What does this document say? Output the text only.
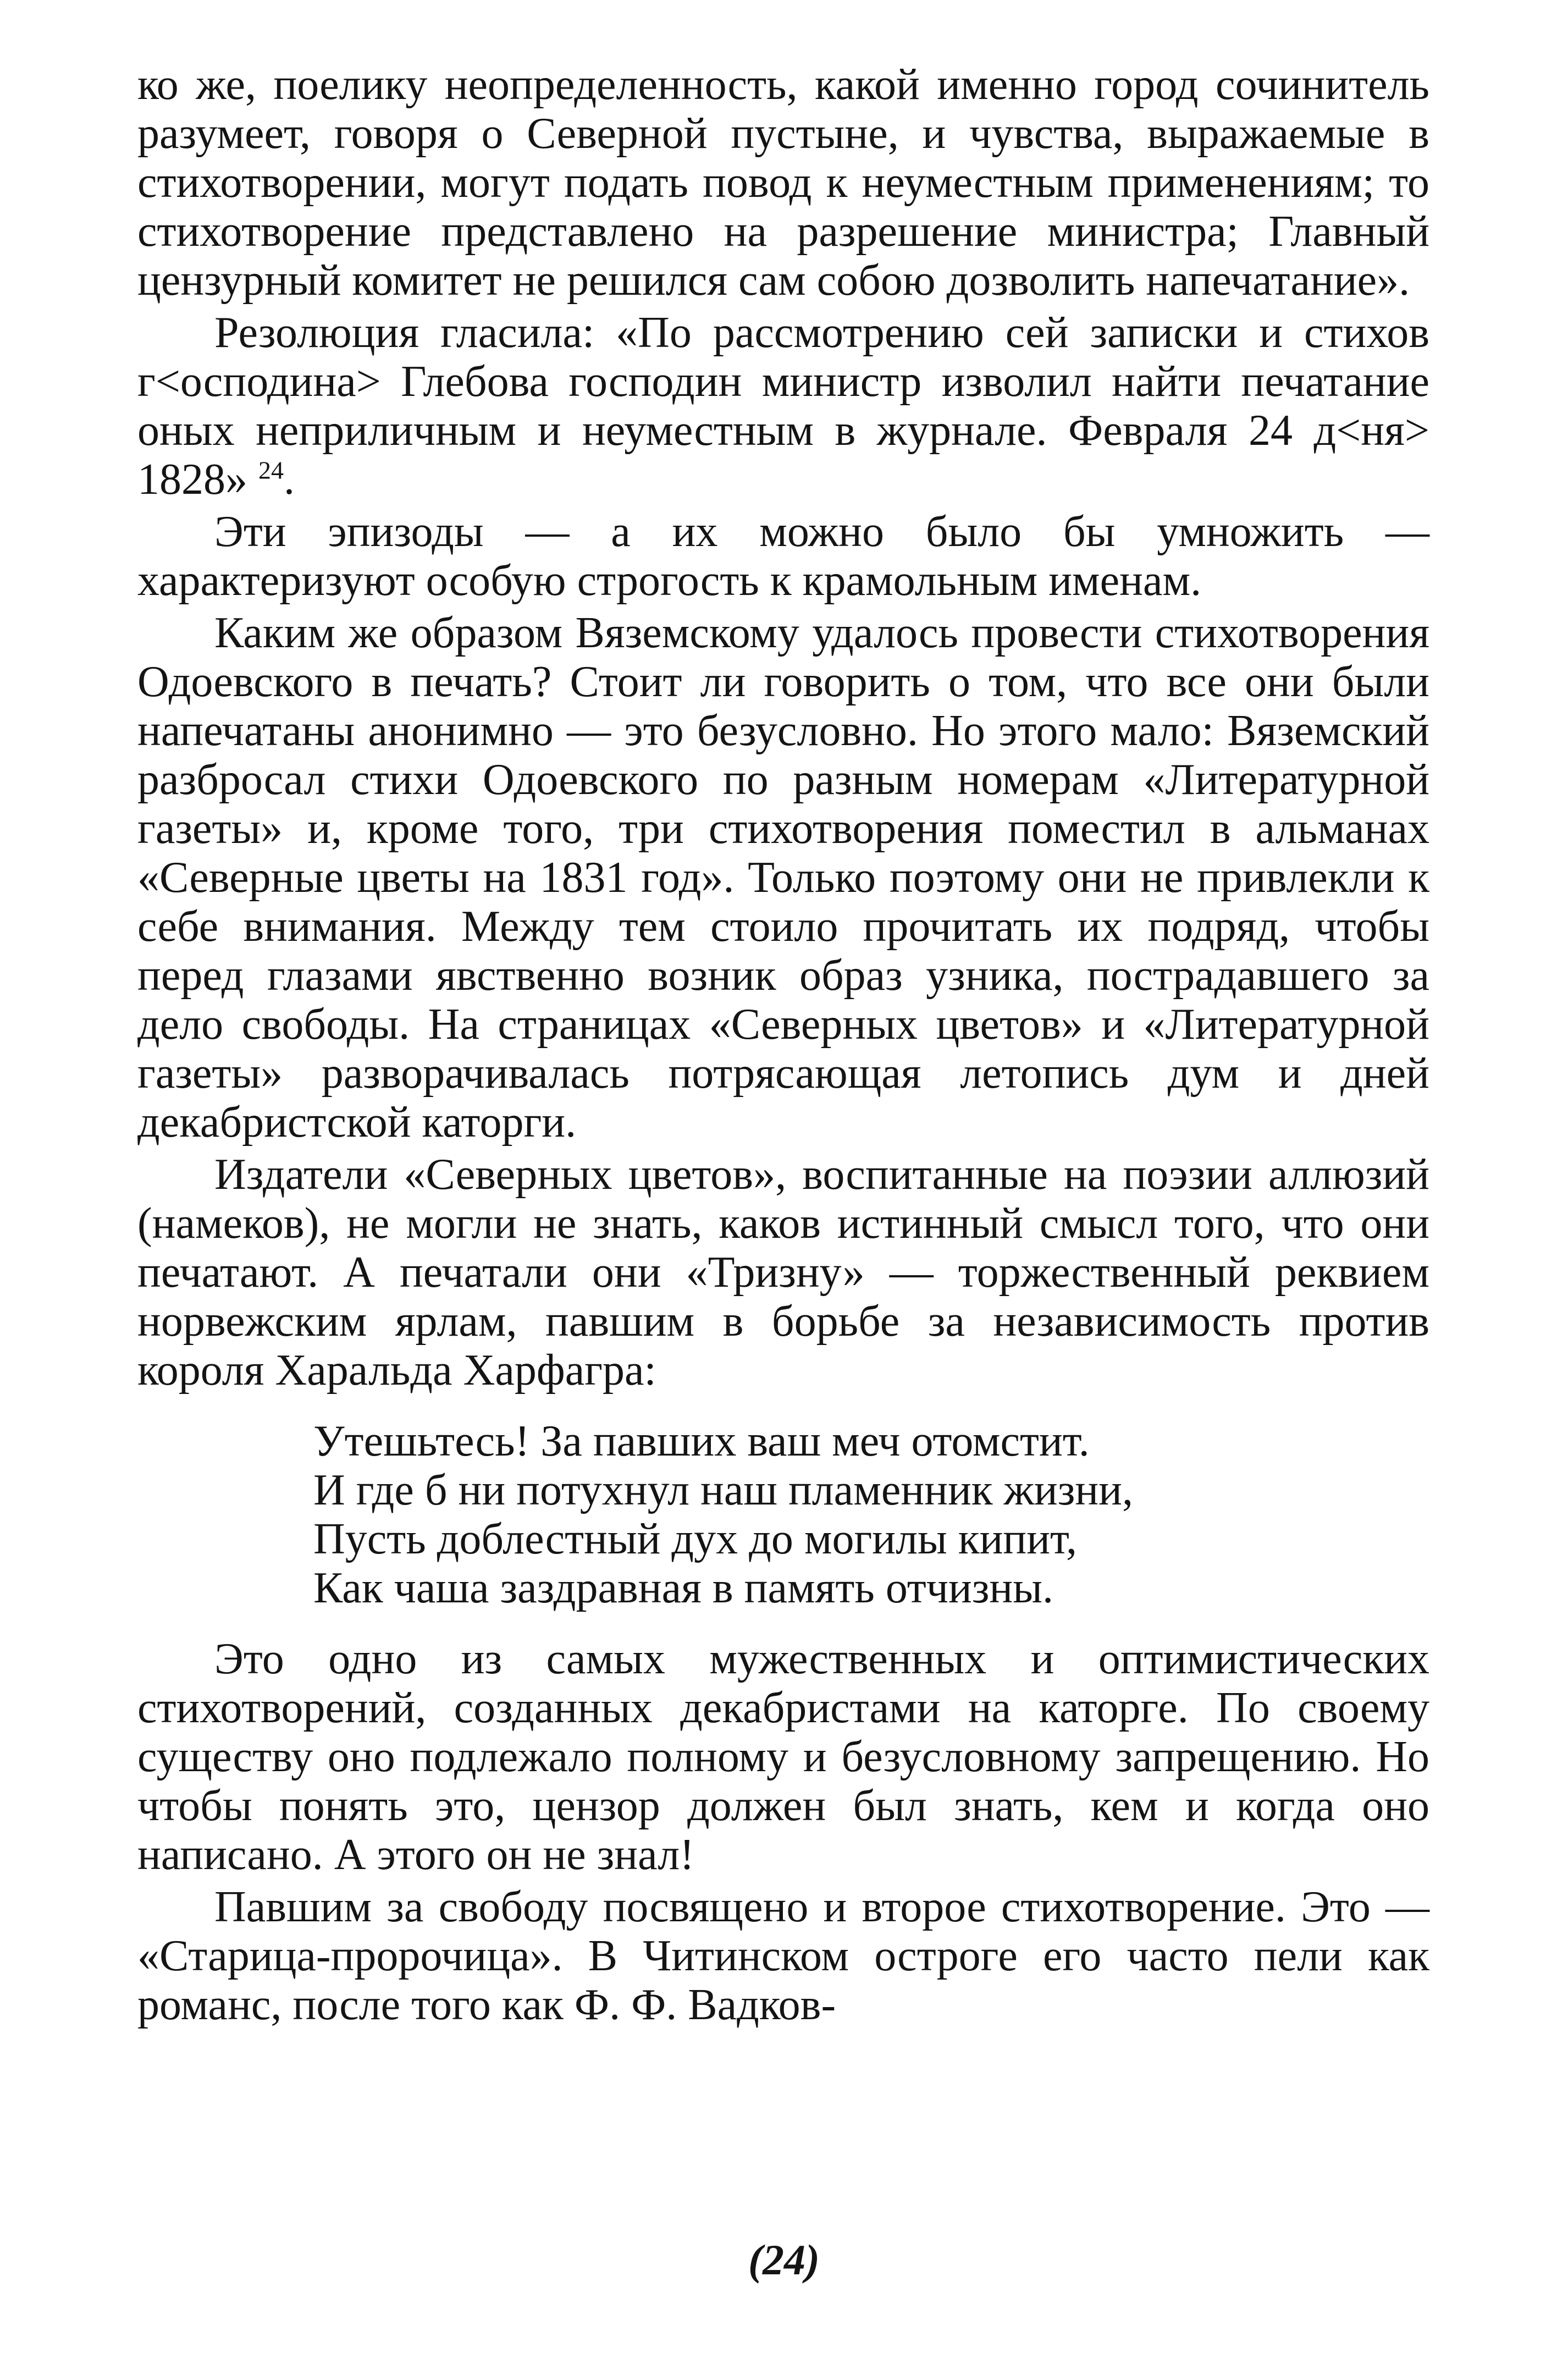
ко же, поелику неопределенность, какой именно город сочинитель разумеет, говоря о Северной пустыне, и чувства, выражаемые в стихотворении, могут подать повод к неуместным применениям; то стихотворение представлено на разрешение министра; Главный цензурный комитет не решился сам собою дозволить напечатание».

Резолюция гласила: «По рассмотрению сей записки и стихов г<осподина> Глебова господин министр изволил найти печатание оных неприличным и неуместным в журнале. Февраля 24 д<ня> 1828» $^{24}$.

Эти эпизоды — а их можно было бы умножить — характеризуют особую строгость к крамольным именам.

Каким же образом Вяземскому удалось провести стихотворения Одоевского в печать? Стоит ли говорить о том, что все они были напечатаны анонимно — это безусловно. Но этого мало: Вяземский разбросал стихи Одоевского по разным номерам «Литературной газеты» и, кроме того, три стихотворения поместил в альманах «Северные цветы на 1831 год». Только поэтому они не привлекли к себе внимания. Между тем стоило прочитать их подряд, чтобы перед глазами явственно возник образ узника, пострадавшего за дело свободы. На страницах «Северных цветов» и «Литературной газеты» разворачивалась потрясающая летопись дум и дней декабристской каторги.

Издатели «Северных цветов», воспитанные на поэзии аллюзий (намеков), не могли не знать, каков истинный смысл того, что они печатают. А печатали они «Тризну» — торжественный реквием норвежским ярлам, павшим в борьбе за независимость против короля Харальда Харфагра:

Утешьтесь! За павших ваш меч отомстит.
И где б ни потухнул наш пламенник жизни,
Пусть доблестный дух до могилы кипит,
Как чаша заздравная в память отчизны.

Это одно из самых мужественных и оптимистических стихотворений, созданных декабристами на каторге. По своему существу оно подлежало полному и безусловному запрещению. Но чтобы понять это, цензор должен был знать, кем и когда оно написано. А этого он не знал!

Павшим за свободу посвящено и второе стихотворение. Это — «Старица-пророчица». В Читинском остроге его часто пели как романс, после того как Ф. Ф. Вадков-

(24)
